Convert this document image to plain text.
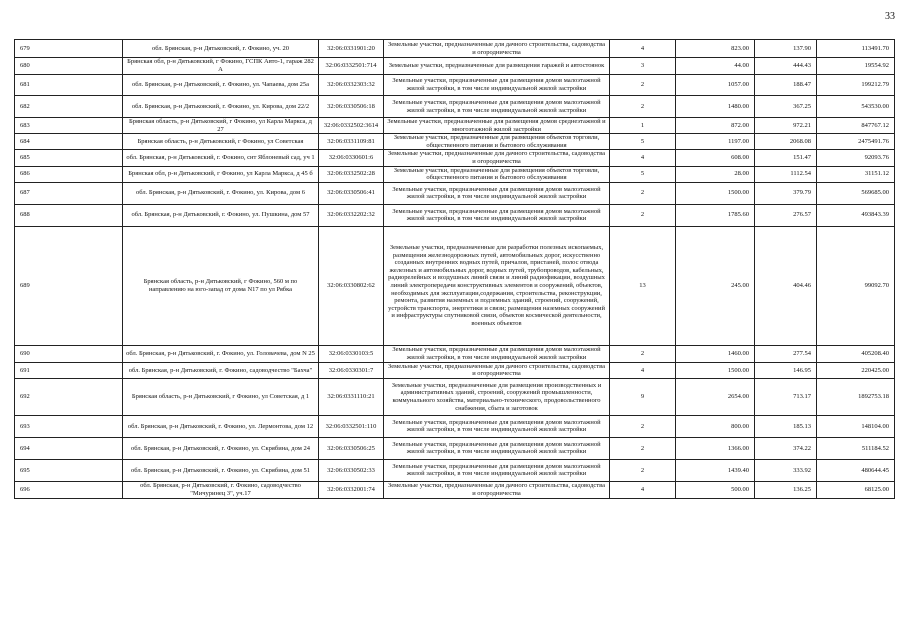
33
679	обл. Брянская, р-н Дятьковский, г. Фокино, уч. 20	32:06:0331901:20	Земельные участки, предназначенные для дачного строительства, садоводства и огородничества	4	823.00	137.90	113491.70
680	Брянская обл, р-н Дятьковский, г Фокино, ГСПК Авто-1, гараж 282 А	32:06:0332501:714	Земельные участки, предназначенные для размещения гаражей и автостоянок	3	44.00	444.43	19554.92
681	обл. Брянская, р-н Дятьковский, г. Фокино, ул. Чапаева, дом 25а	32:06:0332303:32	Земельные участки, предназначенные для размещения домов малоэтажной жилой застройки, в том числе индивидуальной жилой застройки	2	1057.00	188.47	199212.79
682	обл. Брянская, р-н Дятьковский, г. Фокино, ул. Кирова, дом 22/2	32:06:0330506:18	Земельные участки, предназначенные для размещения домов малоэтажной жилой застройки, в том числе индивидуальной жилой застройки	2	1480.00	367.25	543530.00
683	Брянская область, р-н Дятьковский, г Фокино, ул Карла Маркса, д 27	32:06:0332502:3614	Земельные участки, предназначенные для размещения домов среднеэтажной и многоэтажной жилой застройки	1	872.00	972.21	847767.12
684	Брянская область, р-н Дятьковский, г Фокино, ул Советская	32:06:0331109:81	Земельные участки, предназначенные для размещения объектов торговли, общественного питания и бытового обслуживания	5	1197.00	2068.08	2475491.76
685	обл. Брянская, р-н Дятьковский, г. Фокино, снт Яблоневый сад, уч 1	32:06:0330601:6	Земельные участки, предназначенные для дачного строительства, садоводства и огородничества	4	608.00	151.47	92093.76
686	Брянская обл, р-н Дятьковский, г Фокино, ул Карла Маркса, д 45 б	32:06:0332502:28	Земельные участки, предназначенные для размещения объектов торговли, общественного питания и бытового обслуживания	5	28.00	1112.54	31151.12
687	обл. Брянская, р-н Дятьковский, г. Фокино, ул. Кирова, дом 6	32:06:0330506:41	Земельные участки, предназначенные для размещения домов малоэтажной жилой застройки, в том числе индивидуальной жилой застройки	2	1500.00	379.79	569685.00
688	обл. Брянская, р-н Дятьковский, г. Фокино, ул. Пушкина, дом 57	32:06:0332202:32	Земельные участки, предназначенные для размещения домов малоэтажной жилой застройки, в том числе индивидуальной жилой застройки	2	1785.60	276.57	493843.39
689	Брянская область, р-н Дятьковский, г Фокино, 560 м по направлению на юго-запад от дома N17 по ул Рябка	32:06:0330802:62	Земельные участки, предназначенные для разработки полезных ископаемых, размещения железнодорожных путей, автомобильных дорог, искусственно созданных внутренних водных путей, причалов, пристаней, полос отвода железных и автомобильных дорог, водных путей, трубопроводов, кабельных, радиорелейных и воздушных линий связи и линий радиофикации, воздушных линий электропередачи конструктивных элементов и сооружений, объектов, необходимых для эксплуатации,содержания, строительства, реконструкции, ремонта, развития наземных и подземных зданий, строений, сооружений, устройств транспорта, энергетики и связи; размещения наземных сооружений и инфраструктуры спутниковой связи, объектов космической деятельности, военных объектов	13	245.00	404.46	99092.70
690	обл. Брянская, р-н Дятьковский, г. Фокино, ул. Головачева, дом N 25	32:06:0330103:5	Земельные участки, предназначенные для размещения домов малоэтажной жилой застройки, в том числе индивидуальной жилой застройки	2	1460.00	277.54	405208.40
691	обл. Брянская, р-н Дятьковский, г. Фокино, садоводчество "Бахча"	32:06:0330301:7	Земельные участки, предназначенные для дачного строительства, садоводства и огородничества	4	1500.00	146.95	220425.00
692	Брянская область, р-н Дятьковский, г Фокино, ул Советская, д 1	32:06:0331110:21	Земельные участки, предназначенные для размещения производственных и административных зданий, строений, сооружений промышленности, коммунального хозяйства, материально-технического, продовольственного снабжения, сбыта и заготовок	9	2654.00	713.17	1892753.18
693	обл. Брянская, р-н Дятьковский, г. Фокино, ул. Лермонтова, дом 12	32:06:0332501:110	Земельные участки, предназначенные для размещения домов малоэтажной жилой застройки, в том числе индивидуальной жилой застройки	2	800.00	185.13	148104.00
694	обл. Брянская, р-н Дятьковский, г. Фокино, ул. Скрябина, дом 24	32:06:0330506:25	Земельные участки, предназначенные для размещения домов малоэтажной жилой застройки, в том числе индивидуальной жилой застройки	2	1366.00	374.22	511184.52
695	обл. Брянская, р-н Дятьковский, г. Фокино, ул. Скрябина, дом 51	32:06:0330502:33	Земельные участки, предназначенные для размещения домов малоэтажной жилой застройки, в том числе индивидуальной жилой застройки	2	1439.40	333.92	480644.45
696	обл. Брянская, р-н Дятьковский, г. Фокино, садоводчество "Мичуринец 3", уч.17	32:06:0332001:74	Земельные участки, предназначенные для дачного строительства, садоводства и огородничества	4	500.00	136.25	68125.00
